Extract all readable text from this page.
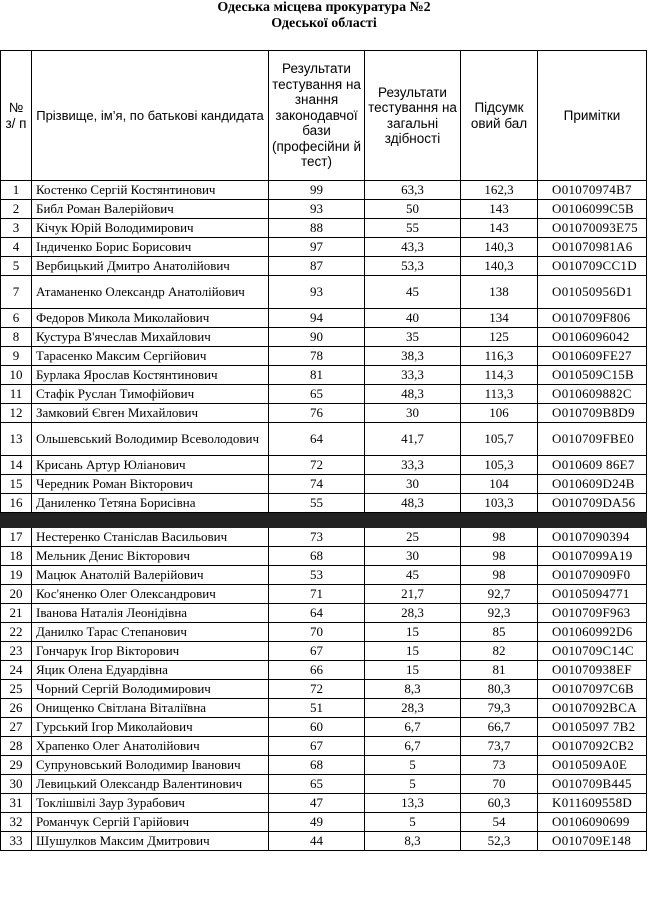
Одеська місцева прокуратура №2
Одеської області
№ з/ п	Прізвище, ім’я, по батькові кандидата	Результати тестування на знання законодавчої бази (професійни й тест)	Результати тестування на загальні здібності	Підсумк овий бал	Примітки
1	Костенко Сергій Костянтинович	99	63,3	162,3	O01070974B7
2	Библ Роман Валерійович	93	50	143	O0106099C5B
3	Кічук Юрій Володимирович	88	55	143	O01070093E75
4	Індиченко Борис Борисович	97	43,3	140,3	O01070981A6
5	Вербицький Дмитро Анатолійович	87	53,3	140,3	O010709CC1D
7	Атаманенко Олександр Анатолійович	93	45	138	O01050956D1
6	Федоров Микола Миколайович	94	40	134	O010709F806
8	Кустура В'ячеслав Михайлович	90	35	125	O0106096042
9	Тарасенко Максим Сергійович	78	38,3	116,3	O010609FE27
10	Бурлака Ярослав Костянтинович	81	33,3	114,3	O010509C15B
11	Стафік Руслан Тимофійович	65	48,3	113,3	O010609882C
12	Замковий Євген Михайлович	76	30	106	O010709B8D9
13	Ольшевський Володимир Всеволодович	64	41,7	105,7	O010709FBE0
14	Крисань Артур Юліанович	72	33,3	105,3	O010609 86E7
15	Чередник Роман Вікторович	74	30	104	O010609D24B
16	Даниленко Тетяна Борисівна	55	48,3	103,3	O010709DA56

17	Нестеренко Станіслав Васильович	73	25	98	O0107090394
18	Мельник Денис Вікторович	68	30	98	O0107099A19
19	Мацюк Анатолій Валерійович	53	45	98	O01070909F0
20	Кос'яненко Олег Олександрович	71	21,7	92,7	O0105094771
21	Іванова Наталія Леонідівна	64	28,3	92,3	O010709F963
22	Данилко Тарас Степанович	70	15	85	O01060992D6
23	Гончарук Ігор Вікторович	67	15	82	O010709C14C
24	Яцик Олена Едуардівна	66	15	81	O01070938EF
25	Чорний Сергій Володимирович	72	8,3	80,3	O0107097C6B
26	Онищенко Світлана Віталіївна	51	28,3	79,3	O0107092BCA
27	Гурський Ігор Миколайович	60	6,7	66,7	O0105097 7B2
28	Храпенко Олег Анатолійович	67	6,7	73,7	O0107092CB2
29	Супруновський Володимир Іванович	68	5	73	O010509A0E
30	Левицький Олександр Валентинович	65	5	70	O010709B445
31	Токлішвілі Заур Зурабович	47	13,3	60,3	K011609558D
32	Романчук Сергій Гарійович	49	5	54	O0106090699
33	Шушулков Максим Дмитрович	44	8,3	52,3	O010709E148
